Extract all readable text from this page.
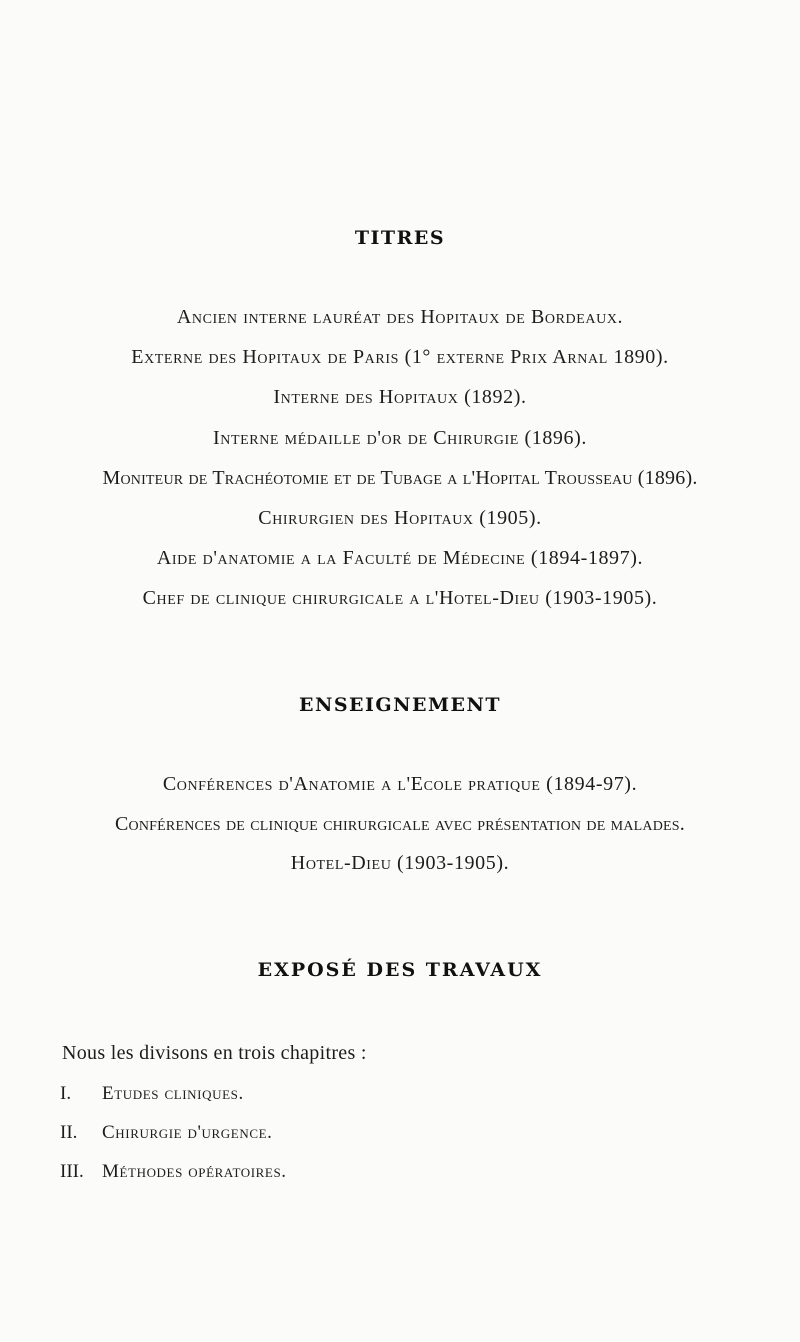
TITRES
Ancien interne lauréat des Hopitaux de Bordeaux.
Externe des Hopitaux de Paris (1° externe Prix Arnal 1890).
Interne des Hopitaux (1892).
Interne médaille d'or de Chirurgie (1896).
Moniteur de Trachéotomie et de Tubage a l'Hopital Trousseau (1896).
Chirurgien des Hopitaux (1905).
Aide d'anatomie a la Faculté de Médecine (1894-1897).
Chef de clinique chirurgicale a l'Hotel-Dieu (1903-1905).
ENSEIGNEMENT
Conférences d'Anatomie a l'Ecole pratique (1894-97).
Conférences de clinique chirurgicale avec présentation de malades.
Hotel-Dieu (1903-1905).
EXPOSÉ DES TRAVAUX
Nous les divisons en trois chapitres :
I. Etudes cliniques.
II. Chirurgie d'urgence.
III. Méthodes opératoires.
